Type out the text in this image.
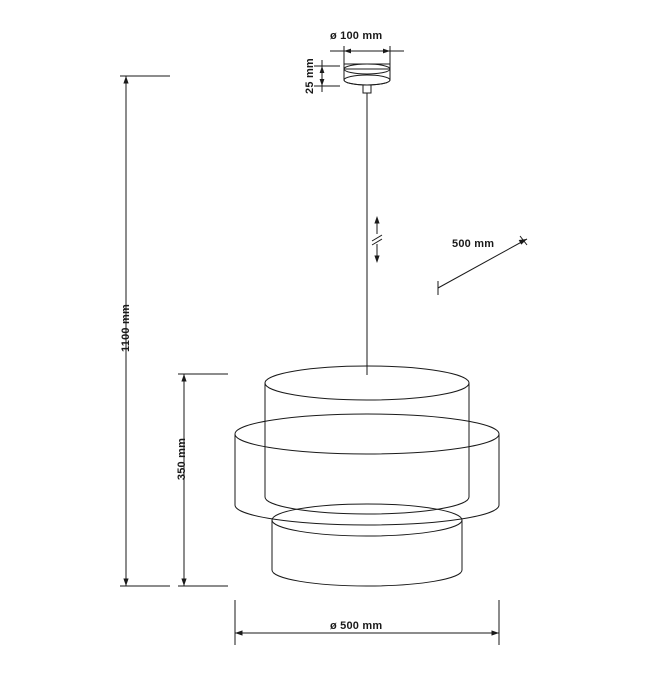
ø 100 mm
25 mm
500 mm
1100 mm
350 mm
ø 500 mm
